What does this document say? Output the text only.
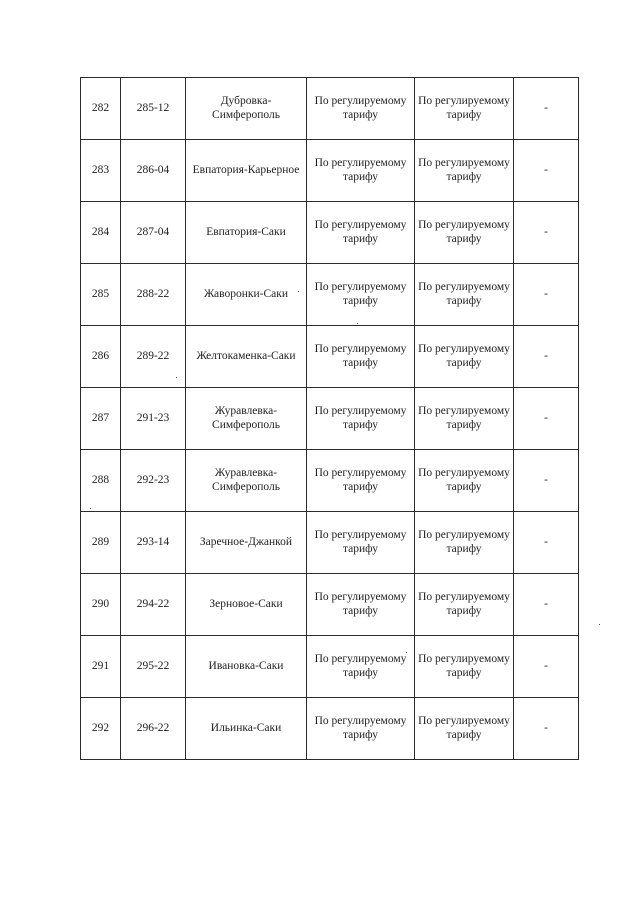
282	285-12	Дубровка-Симферополь	По регулируемому тарифу	По регулируемому тарифу	-
283	286-04	Евпатория-Карьерное	По регулируемому тарифу	По регулируемому тарифу	-
284	287-04	Евпатория-Саки	По регулируемому тарифу	По регулируемому тарифу	-
285	288-22	Жаворонки-Саки	По регулируемому тарифу	По регулируемому тарифу	-
286	289-22	Желтокаменка-Саки	По регулируемому тарифу	По регулируемому тарифу	-
287	291-23	Журавлевка-Симферополь	По регулируемому тарифу	По регулируемому тарифу	-
288	292-23	Журавлевка-Симферополь	По регулируемому тарифу	По регулируемому тарифу	-
289	293-14	Заречное-Джанкой	По регулируемому тарифу	По регулируемому тарифу	-
290	294-22	Зерновое-Саки	По регулируемому тарифу	По регулируемому тарифу	-
291	295-22	Ивановка-Саки	По регулируемому тарифу	По регулируемому тарифу	-
292	296-22	Ильинка-Саки	По регулируемому тарифу	По регулируемому тарифу	-
